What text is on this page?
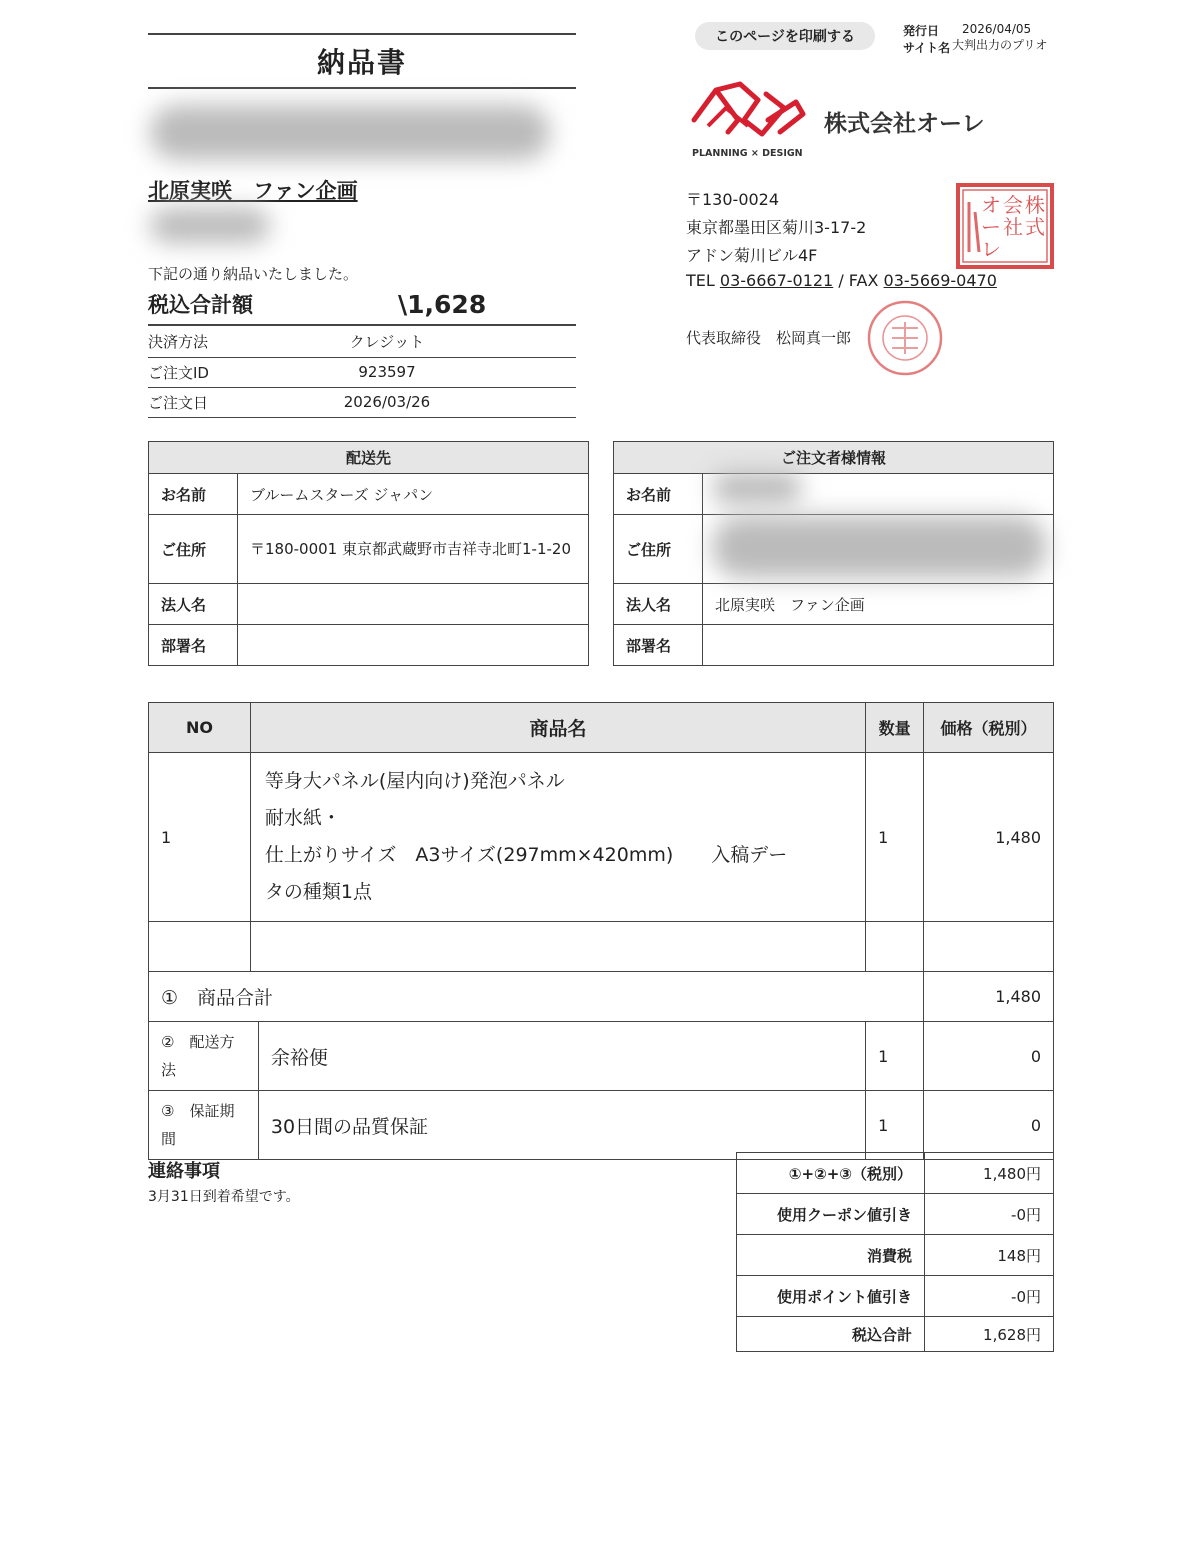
納品書
北原実咲　ファン企画
下記の通り納品いたしました。
税込合計額	\1,628
決済方法	クレジット
ご注文ID	923597
ご注文日	2026/03/26
このページを印刷する	発行日
サイト名
2026/04/05
大判出力のプリオ
PLANNING × DESIGN
株式会社オーレ
〒130-0024
東京都墨田区菊川3-17-2
アドン菊川ビル4F
TEL 03-6667-0121 / FAX 03-5669-0470
代表取締役　松岡真一郎
株
式
会
社
オ
ー
レ
配送先	
お名前	ブルームスターズ ジャパン
ご住所	〒180-0001 東京都武蔵野市吉祥寺北町1-1-20
法人名	
部署名	
ご注文者様情報	
お名前	
ご住所	
法人名	北原実咲　ファン企画
部署名	
NO	商品名		数量	価格（税別）
1	等身大パネル(屋内向け)発泡パネル
耐水紙・
仕上がりサイズ　A3サイズ(297mm×420mm)　　入稿デー
タの種類1点		1	1,480

①　商品合計				1,480
②　配送方法		余裕便	1	0
③　保証期間		30日間の品質保証	1	0
連絡事項
3月31日到着希望です。
①+②+③（税別）	1,480円
使用クーポン値引き	-0円
消費税	148円
使用ポイント値引き	-0円
税込合計	1,628円
